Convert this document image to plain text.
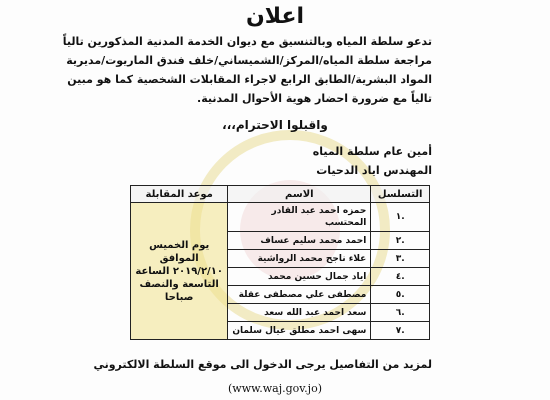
اعلان
تدعو سلطة المياه وبالتنسيق مع ديوان الخدمة المدنية المذكورين تالياً
مراجعة سلطة المياه/المركز/الشميساني/خلف فندق الماريوت/مديرية
المواد البشرية/الطابق الرابع لاجراء المقابلات الشخصية كما هو مبين
تالياً مع ضرورة احضار هوية الأحوال المدنية.
واقبلوا الاحترام،،،
أمين عام سلطة المياه
المهندس اياد الدحيات
التسلسل	الاسم	موعد المقابلة
.١	حمزه احمد عبد القادر المحتسب	يوم الخميس الموافق ٢٠١٩/٢/١٠ الساعة التاسعة والنصف صباحا
.٢	احمد محمد سليم عساف	
.٣	علاء ناجح محمد الرواشية	
.٤	اياد جمال حسين محمد	
.٥	مصطفى علي مصطفى عقلة	
.٦	سعد احمد عبد الله سعد	
.٧	سهى احمد مطلق عيال سلمان	
لمزيد من التفاصيل يرجى الدخول الى موقع السلطة الالكتروني
(www.waj.gov.jo)
